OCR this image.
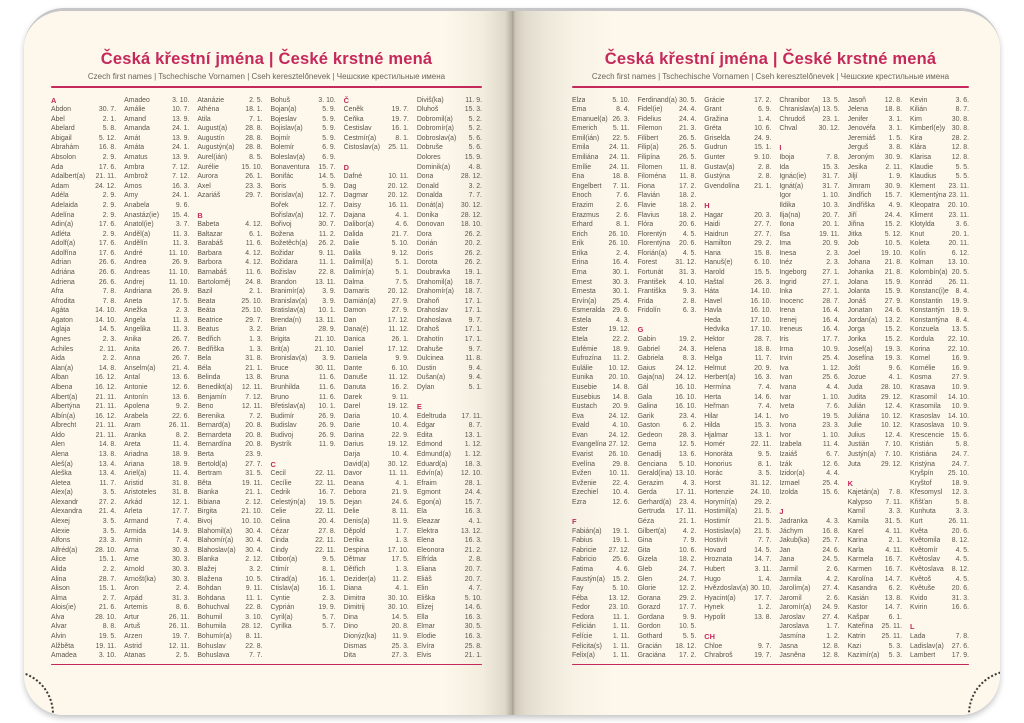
Česká křestní jména | České krstné mená
Czech first names | Tschechische Vornamen | Cseh keresztelőnevek | Чешские крестильные имена
A
Abdon	30. 7.
Ábel	2. 1.
Abelard	5. 8.
Abigail	5. 12.
Abrahám	16. 8.
Absolon	2. 9.
Ada	17. 6.
Adalbert(a) 21. 11.
Adam	24. 12.
Adéla	2. 9.
Adelaida	2. 9.
Adelína	2. 9.
Adin(a)	17. 6.
Adléta	2. 9.
Adolf(a)	17. 6.
Adolfína	17. 6.
Adrian	26. 6.
Adriána	26. 6.
Adriena	26. 6.
Afra	7. 8.
Afrodita	7. 8.
Agáta	14. 10.
Agaton	14. 10.
Aglaja	14. 5.
Agnes	2. 3.
Achiles	2. 11.
Aida	2. 2.
Alan(a)	14. 8.
Alban	16. 12.
Albena	16. 12.
Albert(a)	21. 11.
Albertýna 21. 11.
Albín(a)	16. 12.
Albrecht	21. 11.
Aldo	21. 11.
Alen	14. 8.
Alena	13. 8.
Aleš(a)	13. 4.
Aleška	13. 4.
Aletea	11. 7.
Alex(a)	3. 5.
Alexandr	27. 2.
Alexandra 21. 4.
Alexej	3. 5.
Alexie	3. 5.
Alfons	23. 3.
Alfréd(a)	28. 10.
Alice	15. 1.
Alida	2. 2.
Alina	28. 7.
Alison	15. 1.
Alma	2. 7.
Alois(ie)	21. 6.
Alva	28. 10.
Alvar	8. 8.
Alvin	19. 5.
Alžběta	19. 11.
Amadea	3. 10.
Amadeo	3. 10.
Amálie	10. 7.
Amand	13. 9.
Amanda	24. 1.
Amát	13. 9.
Amáta	24. 1.
Amatus	13. 9.
Ambra	7. 12.
Ambrož	7. 12.
Ámos	16. 3.
Amy	24. 1.
Anabela	9. 6.
Anastáz(ie) 15. 4.
Anatol(ie)	3. 7.
Anděl(a)	11. 3.
Andělín	11. 3.
André	11. 10.
Andrea	26. 9.
Andreas	11. 10.
Andrej	11. 10.
Andriana	26. 9.
Aneta	17. 5.
Anežka	2. 3.
Angela	11. 3.
Angelika	11. 3.
Anika	26. 7.
Anita	26. 7.
Anna	26. 7.
Anselm(a) 21. 4.
Antal	13. 6.
Antonie	12. 6.
Antonín	13. 6.
Apolena	9. 2.
Arabela	22. 6.
Aram	26. 11.
Aranka	8. 2.
Areta	11. 4.
Ariadna	18. 9.
Ariana	18. 9.
Ariel(a)	11. 4.
Aristid	31. 8.
Aristoteles 31. 8.
Arkád	12. 1.
Arleta	17. 7.
Armand	7. 4.
Armida	14. 9.
Armin	7. 4.
Arna	30. 3.
Arne	30. 3.
Arnold	30. 3.
Arnošt(ka) 30. 3.
Áron	2. 4.
Arpád	31. 3.
Artemis	8. 6.
Artur	26. 11.
Artuš	26. 11.
Arzen	19. 7.
Astrid	12. 11.
Atanas	2. 5.
Atanázie	2. 5.
Athéna	18. 1.
Atila	7. 1.
August(a)	28. 8.
Augustín	28. 8.
Augustýn(a) 28. 8.
Aurel(ián)	8. 5.
Aurélie	15. 10.
Aurora	26. 1.
Axel	23. 3.
Azariáš	29. 7.
B
Babeta	4. 12.
Baltazar	6. 1.
Barabáš	11. 6.
Barbara	4. 12.
Barbora	4. 12.
Barnabáš	11. 6.
Bartoloměj 24. 8.
Bazil	2. 1.
Beata	25. 10.
Beáta	25. 10.
Beatrice	29. 7.
Beatus	3. 2.
Bedřich	1. 3.
Bedřiška	1. 3.
Bela	31. 8.
Béla	21. 1.
Belinda	13. 8.
Benedikt(a) 12. 11.
Benjamín	7. 12.
Beno	12. 11.
Berenika	7. 2.
Bernard(a) 20. 8.
Bernardeta 20. 8.
Bernardína 20. 8.
Berta	23. 9.
Bertold(a)	27. 7.
Bertram	31. 5.
Běta	19. 11.
Bianka	21. 1.
Bibiana	2. 12.
Birgita	21. 10.
Bivoj	10. 10.
Blahomil(a) 30. 4.
Blahomír(a) 30. 4.
Blahoslav(a) 30. 4.
Blanka	2. 12.
Blažej	3. 2.
Blažena	10. 5.
Bohdan	9. 11.
Bohdana	11. 1.
Bohuchval 22. 8.
Bohumil	3. 10.
Bohumila 28. 12.
Bohumír(a) 8. 11.
Bohuslav	22. 8.
Bohuslava	7. 7.
Bohuš	3. 10.
Bojan(a)	5. 9.
Bojeslav	5. 9.
Bojislav(a)	5. 9.
Bojmír	5. 9.
Bolemír	6. 9.
Boleslav(a)	6. 9.
Bonaventura 15. 7.
Bonifác	14. 5.
Boris	5. 9.
Borislav(a) 12. 7.
Bořek	12. 7.
Bořislav(a) 12. 7.
Bořivoj	30. 7.
Božena	11. 2.
Božetěch(a) 26. 2.
Božidar	9. 11.
Božidara	11. 1.
Božislav	22. 8.
Brandon	13. 11.
Branimír(a)	3. 9.
Branislav(a) 3. 9.
Bratislav(a) 10. 1.
Brenda(n) 13. 11.
Brian	28. 9.
Brigita	21. 10.
Brit(a)	21. 10.
Bronislav(a) 3. 9.
Bruce	30. 11.
Bruna	11. 6.
Brunhilda	11. 6.
Bruno	11. 6.
Břetislav(a) 10. 1.
Budimír	26. 9.
Budislav	26. 9.
Budivoj	26. 9.
Bystrík	11. 9.
C
Cecil	22. 11.
Cecílie	22. 11.
Cedrik	16. 7.
Celestýn(a) 19. 5.
Celie	22. 11.
Celina	20. 4.
Cézar	27. 8.
Cinda	22. 11.
Cindy	22. 11.
Ctibor(a)	9. 5.
Ctimír	8. 1.
Ctirad(a)	16. 1.
Ctislav(a)	16. 1.
Cyntie	2. 3.
Cyprián	19. 9.
Cyril(a)	5. 7.
Cyrilka	5. 7.
Č
Čeněk	19. 7.
Čeňka	19. 7.
Čestislav	16. 1.
Čestmír(a)	8. 1.
Čistoslav(a) 25. 11.
D
Dafné	10. 11.
Dag	20. 12.
Dagmar	20. 12.
Daisy	16. 11.
Dajana	4. 1.
Dalibor(a)	4. 6.
Dalida	21. 7.
Dalie	5. 10.
Dalila	9. 12.
Dalimil(a)	5. 1.
Dalimír(a)	5. 1.
Dalma	7. 5.
Damaris	20. 12.
Damián(a) 27. 9.
Damon	27. 9.
Dan	17. 12.
Dana(é)	11. 12.
Danica	26. 1.
Daniel	17. 12.
Daniela	9. 9.
Dante	6. 10.
Danuše	11. 12.
Danuta	16. 2.
Darek	9. 11.
Darel	19. 12.
Daria	10. 4.
Darie	10. 4.
Darina	22. 9.
Darius	19. 12.
Darja	10. 4.
David(a)	30. 12.
Davor	11. 11.
Deana	4. 1.
Debora	21. 9.
Dejan	24. 6.
Delie	8. 11.
Denis(a)	11. 9.
Děpold	1. 7.
Derika	1. 3.
Despina	17. 10.
Dětmar	17. 5.
Dětřich	1. 3.
Dezider(a) 11. 2.
Diana	4. 1.
Dimitra	30. 10.
Dimitrij	30. 10.
Dina	14. 5.
Dino	20. 8.
Dionýz(ka) 11. 9.
Dismas	25. 3.
Dita	27. 3.
Diviš(ka)	11. 9.
Dluhoš	15. 3.
Dobromil(a) 5. 2.
Dobromír(a) 5. 2.
Dobroslav(a) 5. 6.
Dobruše	5. 6.
Dolores	15. 9.
Dominik(a)	4. 8.
Dona	28. 12.
Donald	3. 2.
Donalda	7. 7.
Donát(a)	30. 12.
Donika	28. 12.
Donovan 18. 10.
Dora	26. 2.
Dorián	20. 2.
Doris	26. 2.
Dorota	26. 2.
Doubravka 19. 1.
Drahomil(a) 18. 7.
Drahomír(a) 18. 7.
Drahoň	17. 1.
Drahoslav 17. 1.
Drahoslava 9. 7.
Drahoš	17. 1.
Drahotín	17. 1.
Drahuše	9. 7.
Dulcinea	11. 8.
Dustin	9. 4.
Dušan(a)	9. 4.
Dylan	5. 1.
E
Edeltruda 17. 11.
Edgar	8. 7.
Edita	13. 1.
Edmond	1. 12.
Edmund(a) 1. 12.
Eduard(a)	18. 3.
Edvín(a)	12. 10.
Efraim	28. 1.
Egmont	24. 4.
Egon(a)	15. 7.
Ela	16. 3.
Eleazar	4. 1.
Elektra	13. 12.
Elena	16. 3.
Eleonora	21. 2.
Elfrída	2. 8.
Eliana	20. 7.
Eliáš	20. 7.
Elin	4. 7.
Eliška	5. 10.
Elizej	14. 6.
Ella	16. 3.
Elmar	30. 5.
Elodie	16. 3.
Elvíra	25. 8.
Elvis	21. 1.
Česká křestní jména | České krstné mená
Czech first names | Tschechische Vornamen | Cseh keresztelőnevek | Чешские крестильные имена
Elza	5. 10.
Ema	8. 4.
Emanuel(a) 26. 3.
Emerich 5. 11.
Emil(ián) 22. 5.
Emila	24. 11.
Emiliána 24. 11.
Emílie	24. 11.
Ena	18. 8.
Engelbert 7. 11.
Enoch	7. 6.
Erazim	2. 6.
Erazmus 2. 6.
Erhard	8. 1.
Erich	26. 10.
Erik	26. 10.
Erika	2. 4.
Erina	16. 4.
Erna	30. 1.
Ernest	30. 3.
Ernesta 30. 1.
Ervín(a) 25. 4.
Esmeralda 29. 6.
Estela	4. 3.
Ester	19. 12.
Etela	22. 2.
Eufémie 18. 9.
Eufrozína 11. 2.
Eulálie 10. 12.
Eunika 20. 10.
Eusebie 14. 8.
Eusebius 14. 8.
Eustach 20. 9.
Eva	24. 12.
Evald	4. 10.
Evan	24. 12.
Evangelína 27. 12.
Evarist 26. 10.
Evelína	29. 8.
Evžen	10. 11.
Evženie 22. 4.
Ezechiel 10. 4.
Ezra	12. 6.
F
Fabián(a) 19. 1.
Fabius	19. 1.
Fabricie 27. 12.
Fabricio 25. 6.
Fatima	4. 6.
Faustýn(a) 15. 2.
Fay	5. 10.
Féba	13. 12.
Fedor	23. 10.
Fedora	11. 1.
Felicián 1. 11.
Felície	1. 11.
Felicita(s) 1. 11.
Felix(a)	1. 11.
Ferdinand(a) 30. 5.
Fidel(ie) 24. 4.
Fidelius	24. 4.
Filemon 21. 3.
Filibert	26. 5.
Filip(a)	26. 5.
Filipína	26. 5.
Filomen	11. 8.
Filoména 11. 8.
Fiona	17. 2.
Flavián	18. 2.
Flavie	18. 2.
Flavius	18. 2.
Flóra	20. 6.
Florentýn 4. 5.
Florentýna 20. 6.
Florián(a) 4. 5.
Forest	31. 12.
Fortunát 31. 3.
František 4. 10.
Františka 9. 3.
Frida	2. 8.
Fridolín	6. 3.
G
Gabin	19. 2.
Gabriel	24. 3.
Gabriela	8. 3.
Gaius	24. 12.
Gaja(na) 24. 12.
Gál	16. 10.
Gala	16. 10.
Galina	16. 10.
Garik	23. 4.
Gaston	6. 2.
Gedeon 28. 3.
Gema	12. 5.
Genadij	13. 6.
Genciana 5. 10.
Gerald(ina) 13. 10.
Gerazim	4. 3.
Gerda	17. 11.
Gerhard(a) 23. 4.
Gertruda 17. 11.
Géza	21. 1.
Gilbert(a) 4. 2.
Gina	7. 9.
Gita	10. 6.
Gizela	18. 2.
Gleb	24. 7.
Glen	24. 7.
Glorie	12. 2.
Gorana	29. 2.
Gorazd	17. 7.
Gordana	9. 9.
Gordon	10. 5.
Gothard	5. 5.
Gracián 18. 12.
Graciána 17. 2.
Grácie	17. 2.
Grant	6. 9.
Gražina	1. 4.
Gréta	10. 6.
Griselda	24. 9.
Gudrun	15. 1.
Gunter	9. 10.
Gustav(a)	2. 8.
Gustýna	2. 8.
Gvendolína 21. 1.
H
Hagar	20. 3.
Haidi	27. 7.
Haidrun	27. 7.
Hamilton	29. 2.
Hana	15. 8.
Hanuš(e)	6. 10.
Harold	15. 5.
Haštal	26. 3.
Háta	14. 10.
Havel	16. 10.
Havla	16. 10.
Heda	17. 10.
Hedvika	17. 10.
Hektor	28. 7.
Helena	18. 8.
Helga	11. 7.
Helmut	20. 9.
Herbert(a)	16. 3.
Hermína	7. 4.
Herta	14. 6.
Heřman	7. 4.
Hilar	14. 1.
Hilda	15. 3.
Hjalmar	13. 1.
Homér	22. 11.
Honoráta	9. 5.
Honorius	8. 1.
Horác	3. 5.
Horst	31. 12.
Hortenzie 24. 10.
Horymír(a) 29. 2.
Hostimil(a) 21. 5.
Hostimír	21. 5.
Hostislav(a) 21. 5.
Hostivít	7. 7.
Hovard	14. 5.
Hroznata	14. 7.
Hubert	3. 11.
Hugo	1. 4.
Hvězdoslav(a) 30. 10.
Hyacint(a)	17. 7.
Hynek	1. 2.
Hypolit	13. 8.
CH
Chloe	9. 7.
Chrabroš	19. 7.
Chranibor 13. 5.
Chranislav(a) 13. 5.
Chrudoš 23. 1.
Chval	30. 12.
I
Iboja	7. 8.
Ida	15. 3.
Ignác(ie) 31. 7.
Ignát(a)	31. 7.
Igor	1. 10.
Ildika	10. 3.
Ilja(na)	20. 7.
Ilona	20. 1.
Ilsa	19. 11.
Ima	20. 9.
Inesa	2. 3.
Inéz	2. 3.
Ingeborg 27. 1.
Ingrid	27. 1.
Inka	27. 1.
Inocenc	28. 7.
Irena	16. 4.
Irenej	16. 4.
Ireneus	16. 4.
Iris	17. 7.
Irma	10. 9.
Irvin	25. 4.
Iva	1. 12.
Ivan	25. 6.
Ivana	4. 4.
Ivar	1. 10.
Iveta	7. 6.
Ivo	19. 5.
Ivona	23. 3.
Ivor	1. 10.
Izabela	11. 4.
Izaiáš	6. 7.
Izák	12. 6.
Izidor(a)	4. 4.
Izmael	25. 4.
Izolda	15. 6.
J
Jadranka	4. 3.
Jáchym	16. 8.
Jakub(ka) 25. 7.
Jan	24. 6.
Jana	24. 5.
Jarmil	2. 6.
Jarmila	4. 2.
Jarolím(a) 27. 4.
Jaromil	2. 6.
Jaromír(a) 24. 9.
Jaroslav	27. 4.
Jaroslava	1. 7.
Jasmína	1. 2.
Jasna	12. 8.
Jasněna 12. 8.
Jasoň	12. 8.
Jelena 18. 8.
Jenifer	3. 1.
Jenovéfa 3. 1.
Jeremiáš 1. 5.
Jerguš	3. 8.
Jeroným 30. 9.
Jesika	2. 11.
Jiljí	1. 9.
Jimram 30. 9.
Jindřich 15. 7.
Jindřiška 4. 9.
Jiří	24. 4.
Jiřina	15. 2.
Jitka	5. 12.
Job	10. 5.
Joel	19. 10.
Johana 21. 8.
Johanka 21. 8.
Jolana 15. 9.
Jolanta 15. 9.
Jonáš	27. 9.
Jonatan 24. 6.
Jordan(a) 13. 2.
Jorga	15. 2.
Jorika	15. 2.
Josef(a) 19. 3.
Josefína 19. 3.
Jošt	9. 6.
Jozue	4. 1.
Juda	28. 10.
Judita 29. 12.
Julián	12. 4.
Juliána 10. 12.
Julie	10. 12.
Julius	12. 4.
Justián 7. 10.
Justýn(a) 7. 10.
Juta	29. 12.
K
Kajetán(a) 7. 8.
Kalypso 7. 11.
Kamil	3. 3.
Kamila 31. 5.
Karel	4. 11.
Karina	2. 1.
Karla	4. 11.
Karmela 16. 7.
Karmen 16. 7.
Karolína 14. 7.
Kasandra 6. 2.
Kasián 13. 8.
Kastor	14. 7.
Kašpar	6. 1.
Kateřina 25. 11.
Katrin 25. 11.
Kazi	5. 3.
Kazimír(a) 5. 3.
Kevin	3. 6.
Kilián	8. 7.
Kim	30. 8.
Kimberl(e)y 30. 8.
Kira	28. 2.
Klára	12. 8.
Klarisa	12. 8.
Klaudie	5. 5.
Klaudius	5. 5.
Klement 23. 11.
Klementýna 23. 11.
Kleopatra 20. 10.
Kliment 23. 11.
Klotylda	3. 6.
Knut	20. 1.
Koleta	20. 11.
Kolín	6. 12.
Kolman 13. 10.
Kolombín(a) 20. 5.
Konrád 26. 11.
Konstanc(i)e 8. 4.
Konstantin 19. 9.
Konstantýn 19. 9.
Konstantýna 8. 4.
Konzuela 13. 5.
Kordula 22. 10.
Korina	22. 10.
Kornel	16. 9.
Kornélie 16. 9.
Kosma	27. 9.
Krasava 10. 9.
Krasomil 14. 10.
Krasomila 10. 9.
Krasoslav 14. 10.
Krasoslava 10. 9.
Krescencie 15. 6.
Kristián	5. 8.
Kristiána 24. 7.
Kristýna 24. 7.
Kryšpín 25. 10.
Kryštof	18. 9.
Křesomysl 12. 3.
Křišťan	5. 8.
Kunhuta	3. 3.
Kurt	26. 11.
Květa	20. 6.
Květomila 8. 12.
Květomír	4. 5.
Květoslav 4. 5.
Květoslava 8. 12.
Květoš	4. 5.
Květuše 20. 6.
Kvido	31. 3.
Kvirin	16. 6.
L
Lada	7. 8.
Ladislav(a) 27. 6.
Lambert 17. 9.
